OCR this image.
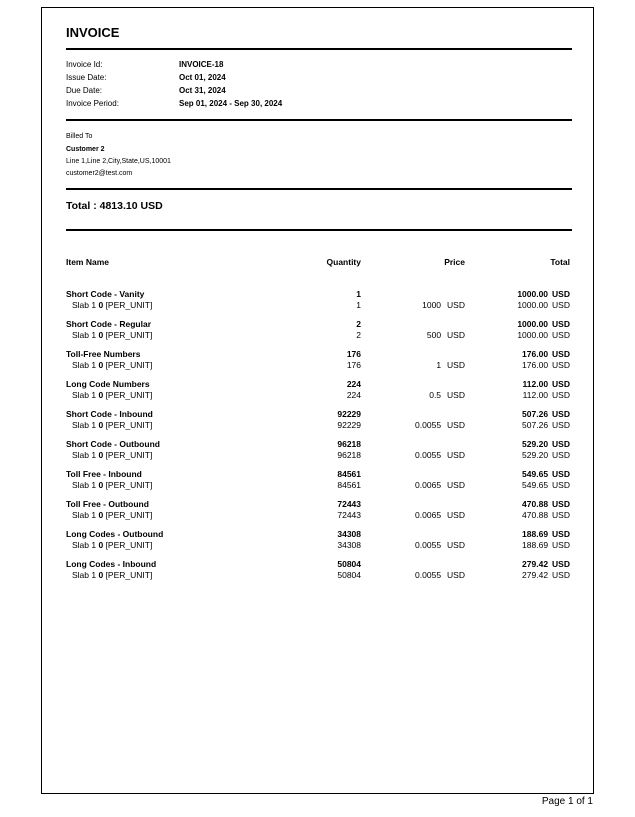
INVOICE
Invoice Id:	INVOICE-18
Issue Date:	Oct 01, 2024
Due Date:	Oct 31, 2024
Invoice Period:	Sep 01, 2024 - Sep 30, 2024
Billed To
Customer 2
Line 1,Line 2,City,State,US,10001
customer2@test.com
Total : 4813.10 USD
Item Name	Quantity	Price	Total
Short Code - Vanity	1		1000.00 USD
Slab 1 0 [PER_UNIT]	1	1000 USD	1000.00 USD
Short Code - Regular	2		1000.00 USD
Slab 1 0 [PER_UNIT]	2	500 USD	1000.00 USD
Toll-Free Numbers	176		176.00 USD
Slab 1 0 [PER_UNIT]	176	1 USD	176.00 USD
Long Code Numbers	224		112.00 USD
Slab 1 0 [PER_UNIT]	224	0.5 USD	112.00 USD
Short Code - Inbound	92229		507.26 USD
Slab 1 0 [PER_UNIT]	92229	0.0055 USD	507.26 USD
Short Code - Outbound	96218		529.20 USD
Slab 1 0 [PER_UNIT]	96218	0.0055 USD	529.20 USD
Toll Free - Inbound	84561		549.65 USD
Slab 1 0 [PER_UNIT]	84561	0.0065 USD	549.65 USD
Toll Free - Outbound	72443		470.88 USD
Slab 1 0 [PER_UNIT]	72443	0.0065 USD	470.88 USD
Long Codes - Outbound	34308		188.69 USD
Slab 1 0 [PER_UNIT]	34308	0.0055 USD	188.69 USD
Long Codes - Inbound	50804		279.42 USD
Slab 1 0 [PER_UNIT]	50804	0.0055 USD	279.42 USD
Page 1 of 1
